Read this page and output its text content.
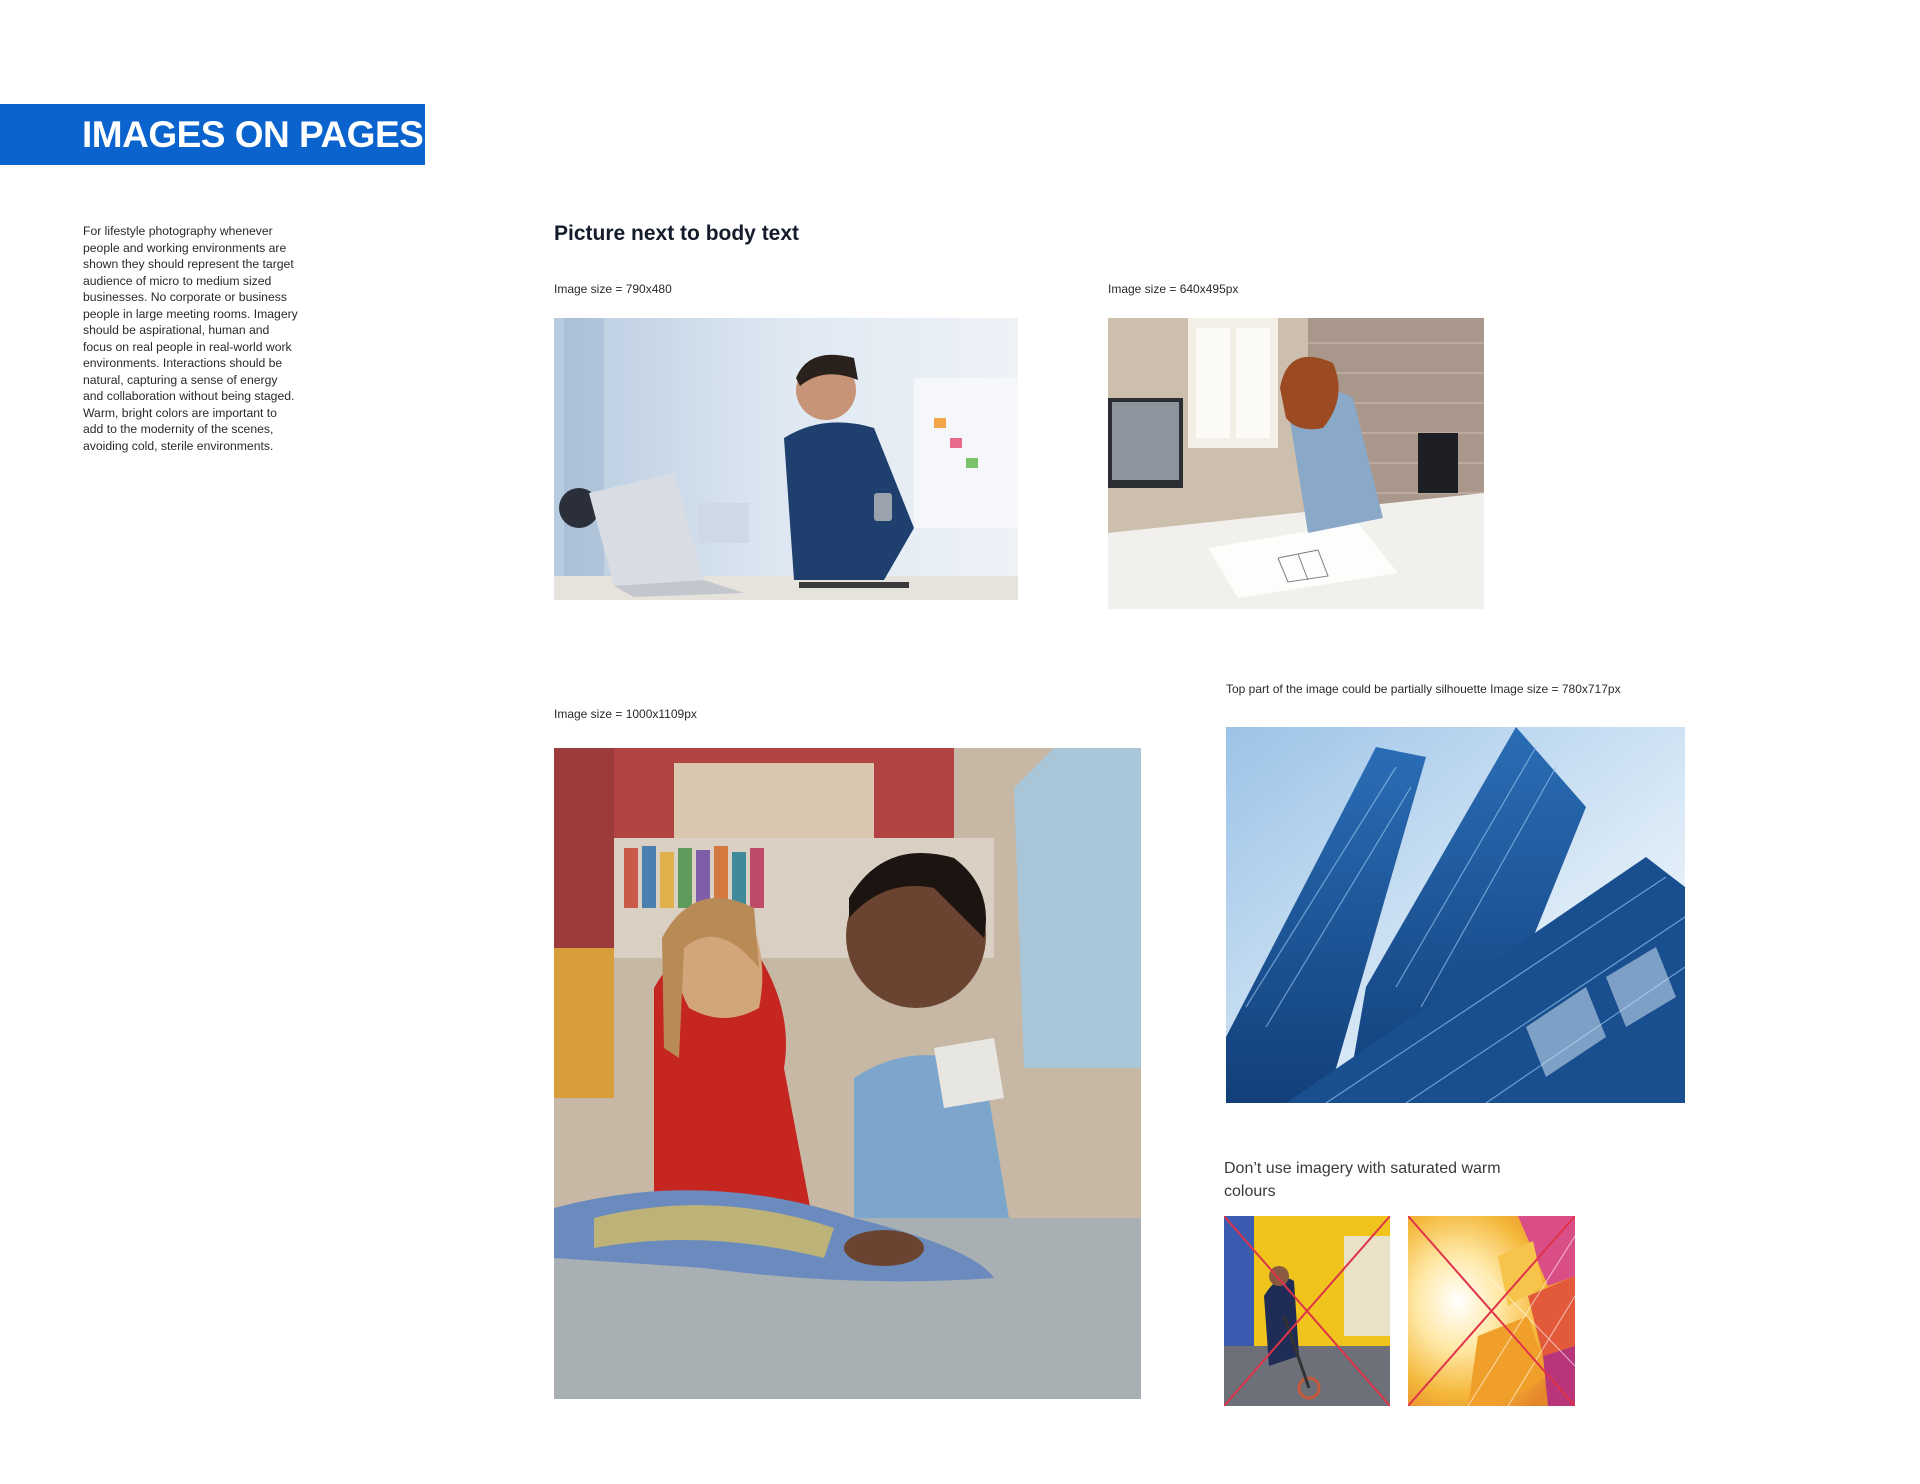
IMAGES ON PAGES
For lifestyle photography whenever people and working environments are shown they should represent the target audience of micro to medium sized businesses. No corporate or business people in large meeting rooms. Imagery should be aspirational, human and focus on real people in real-world work environments. Interactions should be natural, capturing a sense of energy and collaboration without being staged. Warm, bright colors are important to add to the modernity of the scenes, avoiding cold, sterile environments.
Picture next to body text
Image size = 790x480	Image size = 640x495px
Image size = 1000x1109px
Top part of the image could be partially silhouette Image size = 780x717px
Don’t use imagery with saturated warm colours
